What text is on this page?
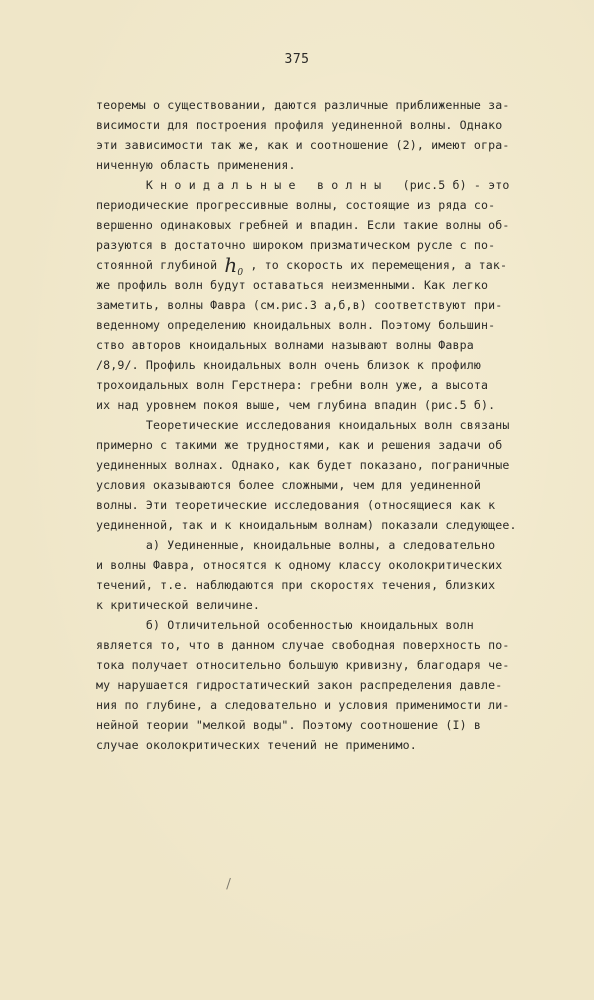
375
теоремы о существовании, даются различные приближенные за-
висимости для построения профиля уединенной волны. Однако
эти зависимости так же, как и соотношение (2), имеют огра-
ниченную область применения.
К н о и д а л ь н ы е   в о л н ы   (рис.5 б) - это
периодические прогрессивные волны, состоящие из ряда со-
вершенно одинаковых гребней и впадин. Если такие волны об-
разуются в достаточно широком призматическом русле с по-
стоянной глубиной $h_0$ , то скорость их перемещения, а так-
же профиль волн будут оставаться неизменными. Как легко
заметить, волны Фавра (см.рис.3 а,б,в) соответствуют при-
веденному определению кноидальных волн. Поэтому большин-
ство авторов кноидальных волнами называют волны Фавра
/8,9/. Профиль кноидальных волн очень близок к профилю
трохоидальных волн Герстнера: гребни волн уже, а высота
их над уровнем покоя выше, чем глубина впадин (рис.5 б).
Теоретические исследования кноидальных волн связаны
примерно с такими же трудностями, как и решения задачи об
уединенных волнах. Однако, как будет показано, пограничные
условия оказываются более сложными, чем для уединенной
волны. Эти теоретические исследования (относящиеся как к
уединенной, так и к кноидальным волнам) показали следующее.
а) Уединенные, кноидальные волны, а следовательно
и волны Фавра, относятся к одному классу околокритических
течений, т.е. наблюдаются при скоростях течения, близких
к критической величине.
б) Отличительной особенностью кноидальных волн
является то, что в данном случае свободная поверхность по-
тока получает относительно большую кривизну, благодаря че-
му нарушается гидростатический закон распределения давле-
ния по глубине, а следовательно и условия применимости ли-
нейной теории "мелкой воды". Поэтому соотношение (I) в
случае околокритических течений не применимо.
